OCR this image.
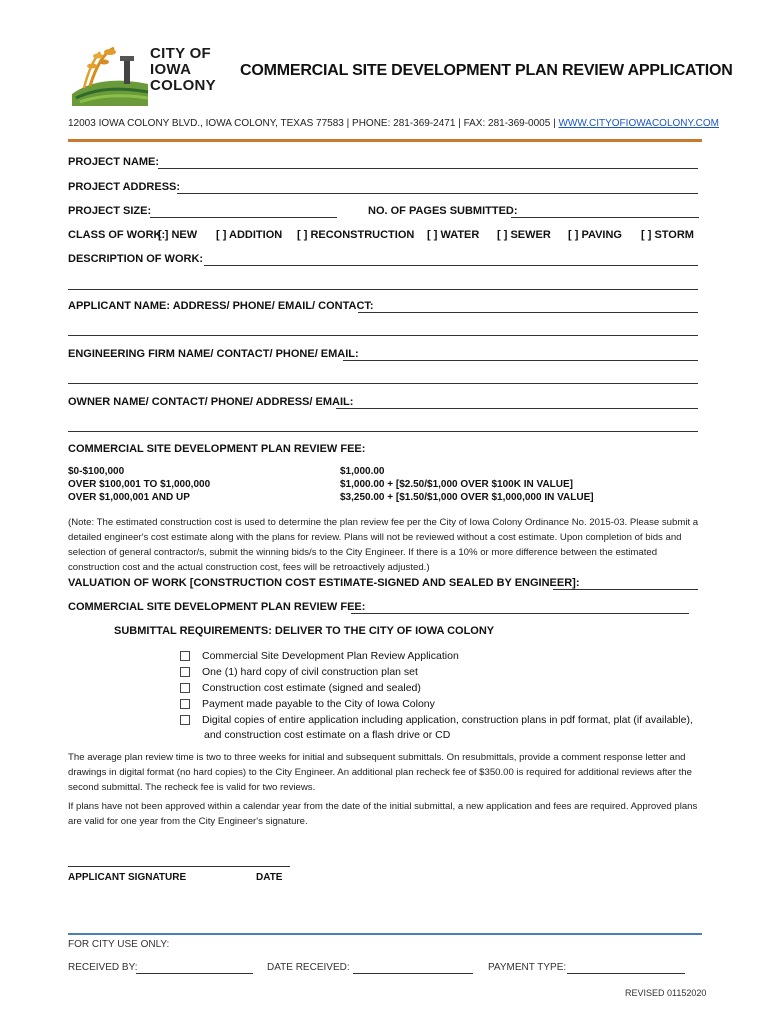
CITY OF
IOWA
COLONY
COMMERCIAL SITE DEVELOPMENT PLAN REVIEW APPLICATION
12003 IOWA COLONY BLVD., IOWA COLONY, TEXAS 77583 | PHONE: 281-369-2471 | FAX: 281-369-0005 | WWW.CITYOFIOWACOLONY.COM
PROJECT NAME:
PROJECT ADDRESS:
PROJECT SIZE:	NO. OF PAGES SUBMITTED:
CLASS OF WORK:
[ ] NEW [ ] ADDITION [ ] RECONSTRUCTION [ ] WATER [ ] SEWER [ ] PAVING [ ] STORM
DESCRIPTION OF WORK:
APPLICANT NAME: ADDRESS/ PHONE/ EMAIL/ CONTACT:
ENGINEERING FIRM NAME/ CONTACT/ PHONE/ EMAIL:
OWNER NAME/ CONTACT/ PHONE/ ADDRESS/ EMAIL:
COMMERCIAL SITE DEVELOPMENT PLAN REVIEW FEE:
$0-$100,000	$1,000.00
OVER $100,001 TO $1,000,000	$1,000.00 + [$2.50/$1,000 OVER $100K IN VALUE]
OVER $1,000,001 AND UP	$3,250.00 + [$1.50/$1,000 OVER $1,000,000 IN VALUE]
(Note: The estimated construction cost is used to determine the plan review fee per the City of Iowa Colony Ordinance No. 2015-03. Please submit a detailed engineer's cost estimate along with the plans for review. Plans will not be reviewed without a cost estimate. Upon completion of bids and selection of general contractor/s, submit the winning bids/s to the City Engineer. If there is a 10% or more difference between the estimated construction cost and the actual construction cost, fees will be retroactively adjusted.)
VALUATION OF WORK [CONSTRUCTION COST ESTIMATE-SIGNED AND SEALED BY ENGINEER]:
COMMERCIAL SITE DEVELOPMENT PLAN REVIEW FEE:
SUBMITTAL REQUIREMENTS: DELIVER TO THE CITY OF IOWA COLONY
Commercial Site Development Plan Review Application
One (1) hard copy of civil construction plan set
Construction cost estimate (signed and sealed)
Payment made payable to the City of Iowa Colony
Digital copies of entire application including application, construction plans in pdf format, plat (if available),
and construction cost estimate on a flash drive or CD
The average plan review time is two to three weeks for initial and subsequent submittals. On resubmittals, provide a comment response letter and drawings in digital format (no hard copies) to the City Engineer. An additional plan recheck fee of $350.00 is required for additional reviews after the second submittal. The recheck fee is valid for two reviews.
If plans have not been approved within a calendar year from the date of the initial submittal, a new application and fees are required. Approved plans are valid for one year from the City Engineer's signature.
APPLICANT SIGNATURE	DATE
FOR CITY USE ONLY:
RECEIVED BY:	DATE RECEIVED:	PAYMENT TYPE:
REVISED 01152020
